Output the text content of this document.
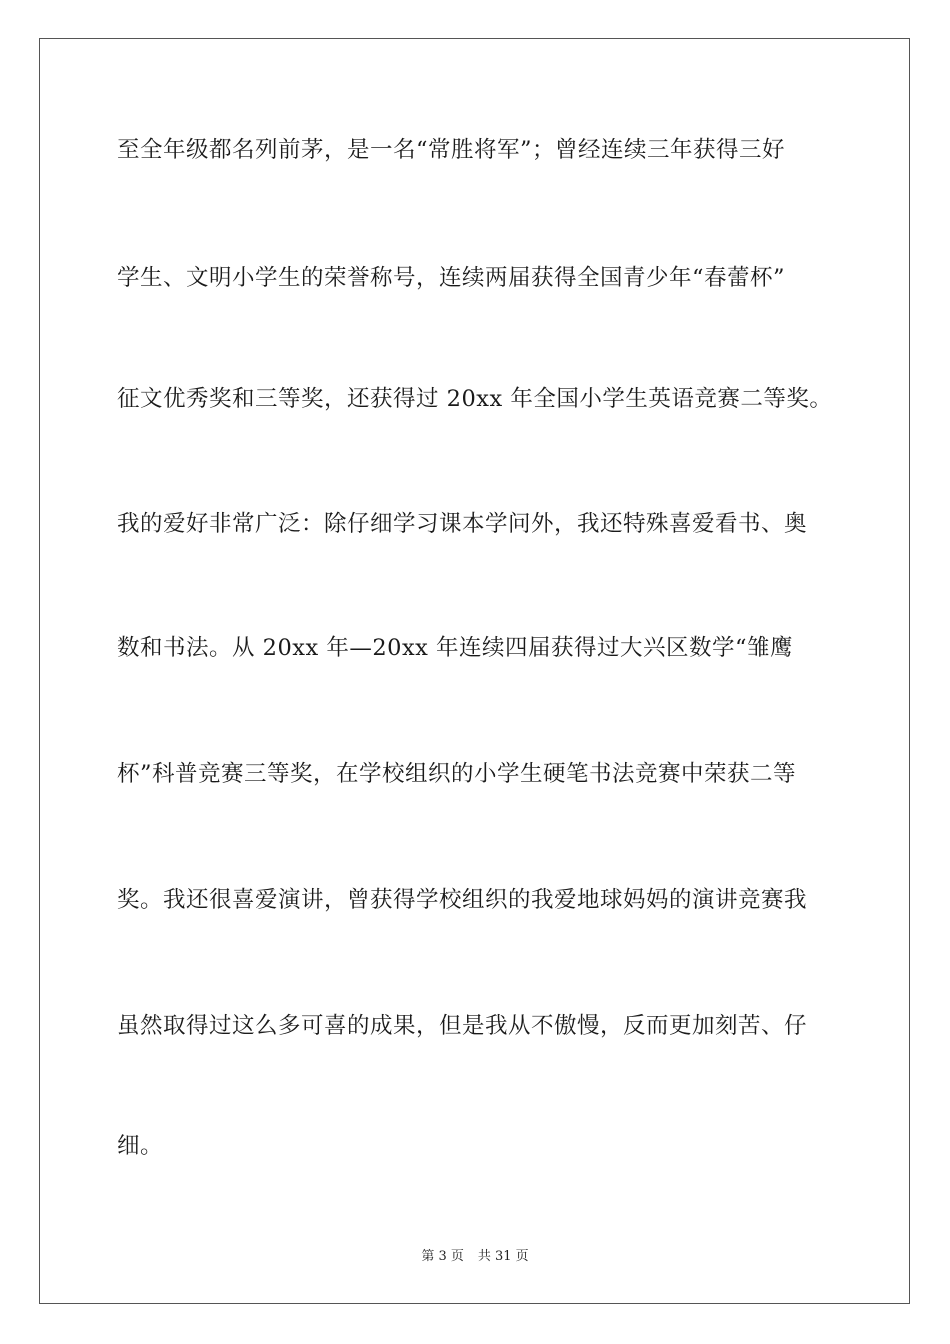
至全年级都名列前茅，是一名“常胜将军”；曾经连续三年获得三好
学生、文明小学生的荣誉称号，连续两届获得全国青少年“春蕾杯”
征文优秀奖和三等奖，还获得过 20xx 年全国小学生英语竞赛二等奖。
我的爱好非常广泛：除仔细学习课本学问外，我还特殊喜爱看书、奥
数和书法。从 20xx 年—20xx 年连续四届获得过大兴区数学“雏鹰
杯”科普竞赛三等奖，在学校组织的小学生硬笔书法竞赛中荣获二等
奖。我还很喜爱演讲，曾获得学校组织的我爱地球妈妈的演讲竞赛我
虽然取得过这么多可喜的成果，但是我从不傲慢，反而更加刻苦、仔
细。
第 3 页 共 31 页
